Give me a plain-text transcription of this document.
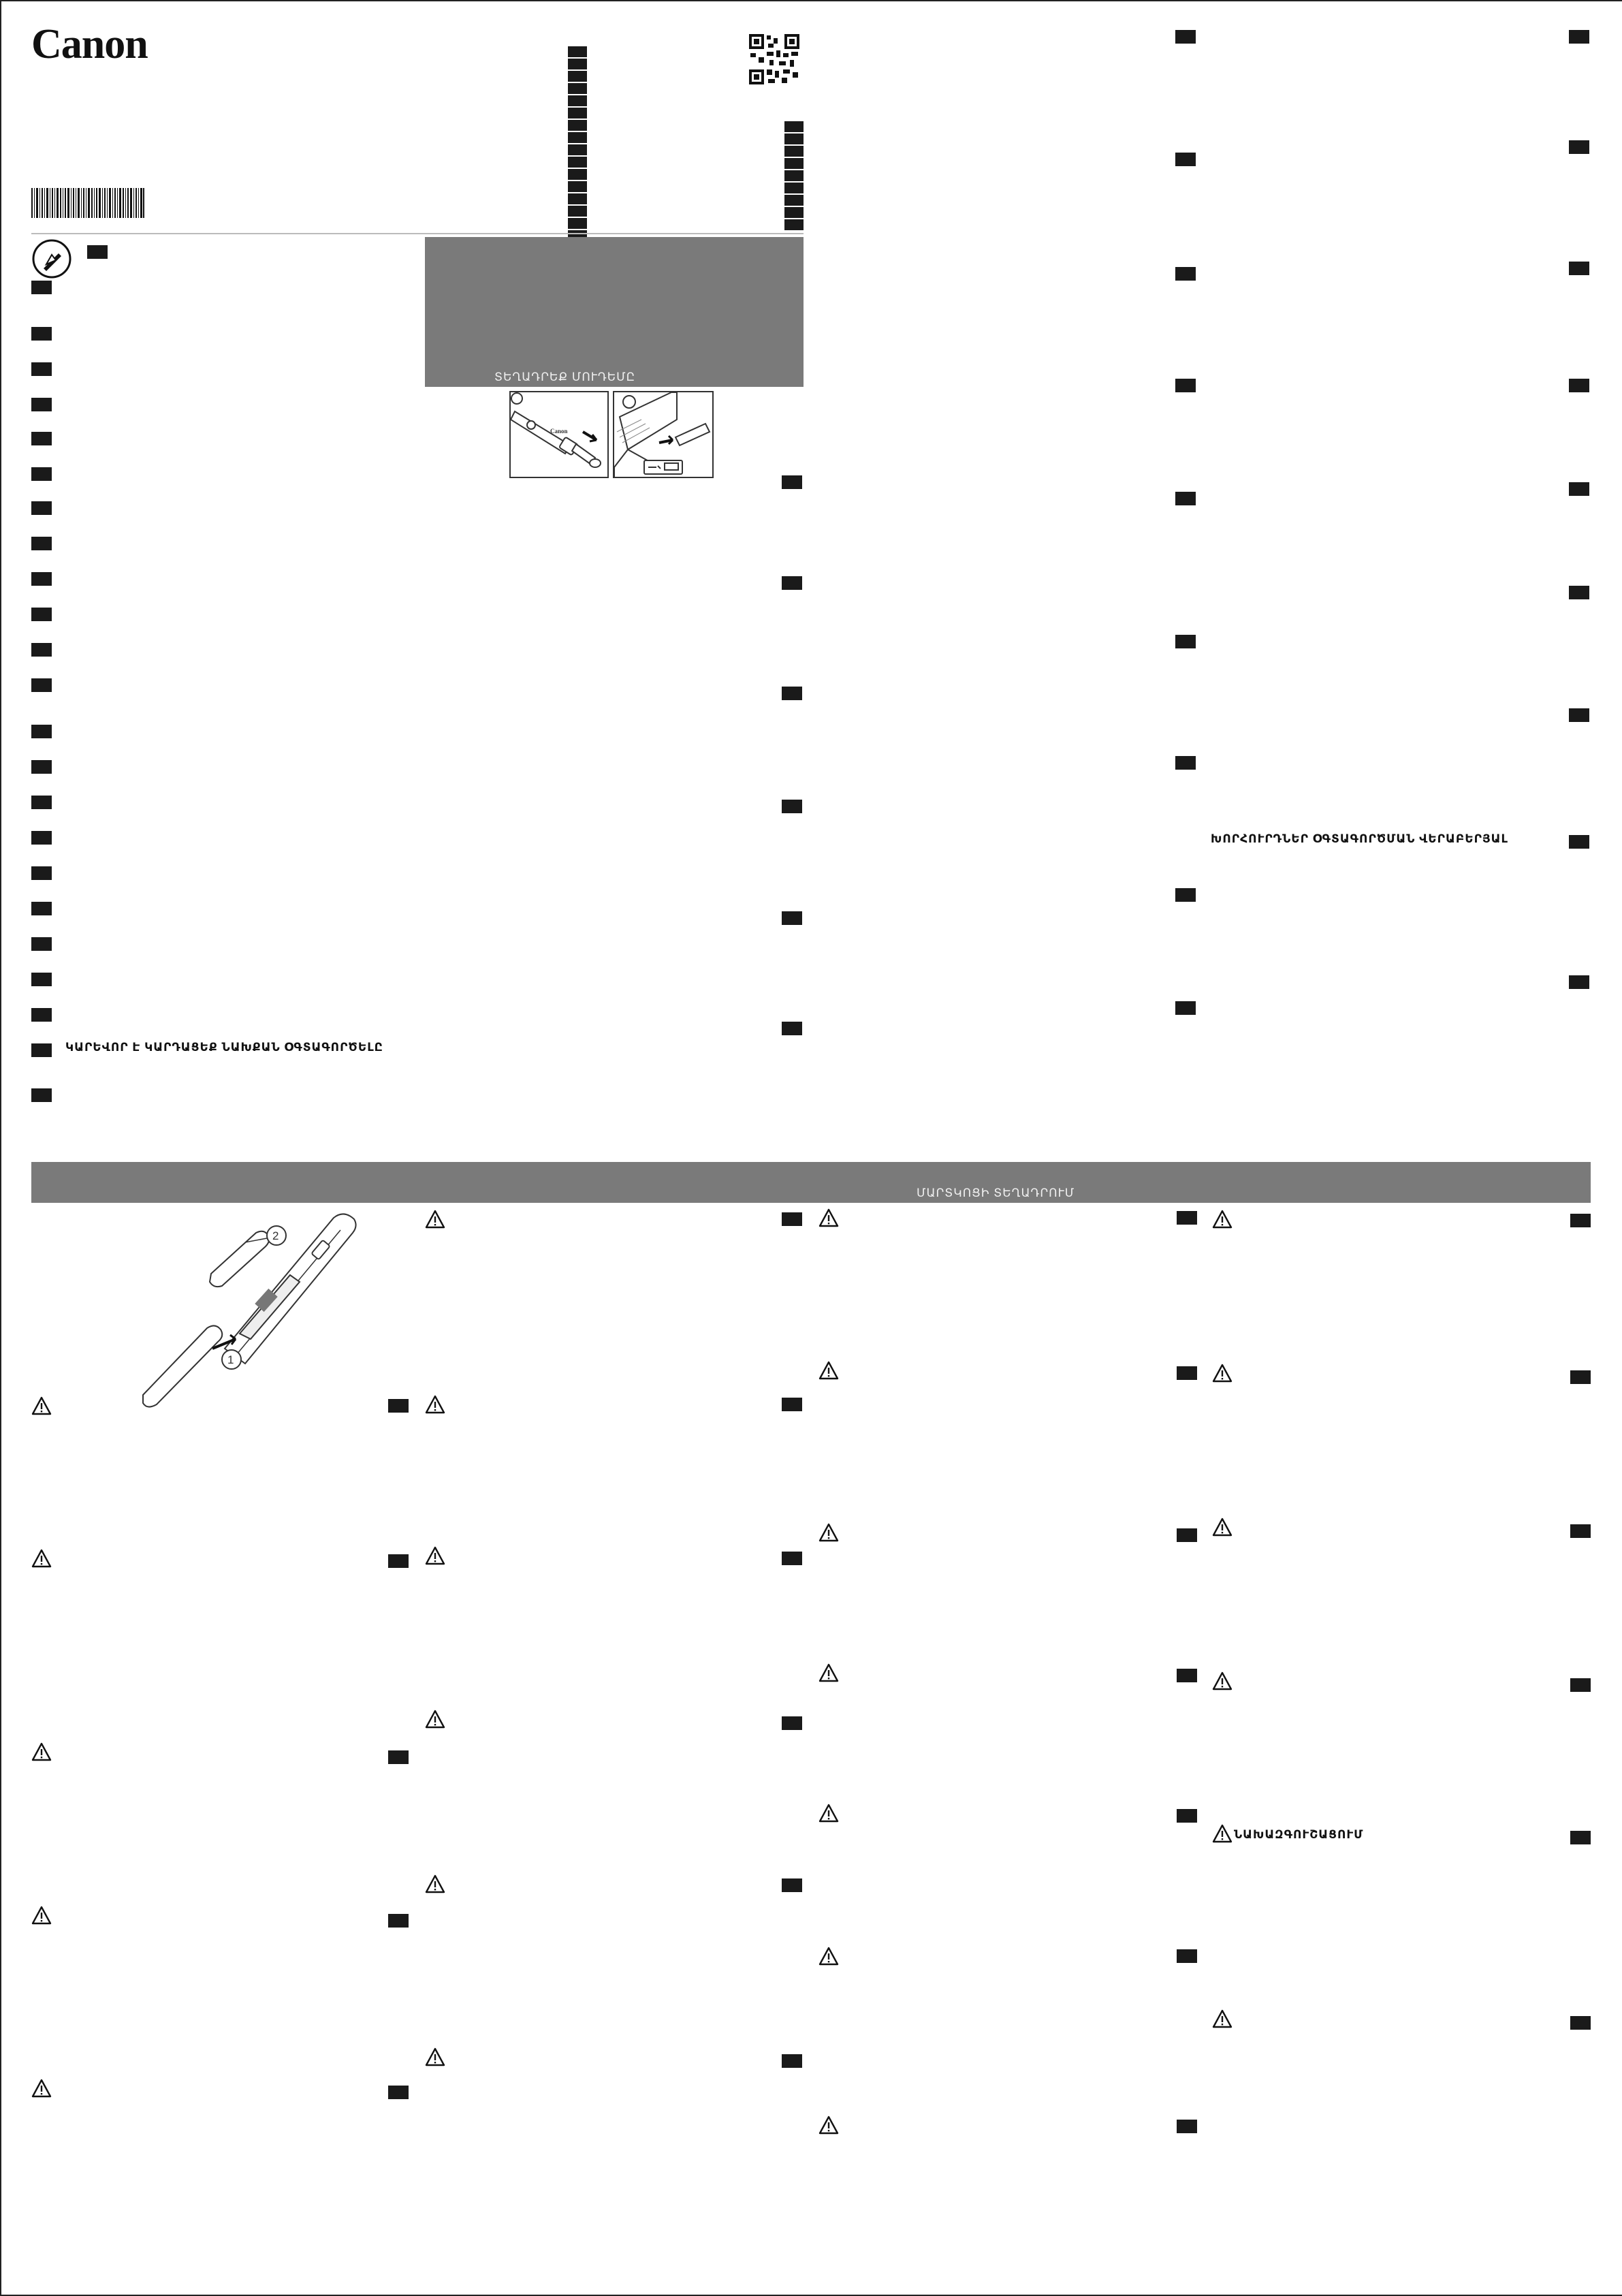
Canon
ԿԱՐԵՎՈՐ Է ԿԱՐԴԱՑԵՔ ՆԱԽՔԱՆ ՕԳՏԱԳՈՐԾԵԼԸ
ՏԵՂԱԴՐԵՔ ՄՈՒԴԵՄԸ
Canon
ԽՈՐՀՈՒՐԴՆԵՐ ՕԳՏԱԳՈՐԾՄԱՆ ՎԵՐԱԲԵՐՅԱԼ
ՄԱՐՏԿՈՑԻ ՏԵՂԱԴՐՈՒՄ
2
1
ՆԱԽԱԶԳՈՒՇԱՑՈՒՄ
